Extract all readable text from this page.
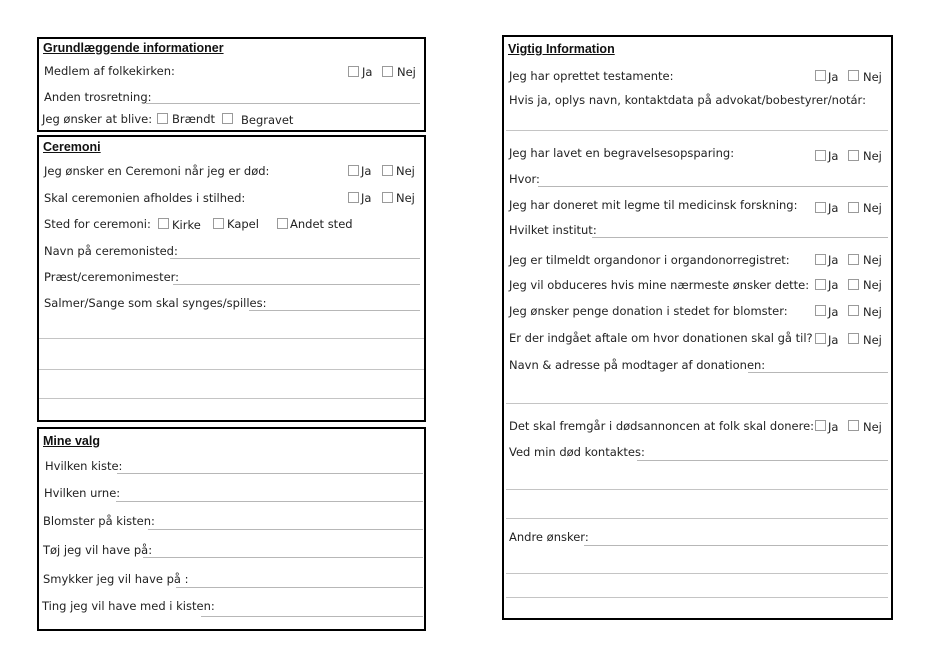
Grundlæggende informationer
Medlem af folkekirken:	Ja Nej
Anden trosretning:
Jeg ønsker at blive: Brændt Begravet
Ceremoni
Jeg ønsker en Ceremoni når jeg er død:	Ja Nej
Skal ceremonien afholdes i stilhed:	Ja Nej
Sted for ceremoni: Kirke Kapel	Andet sted
Navn på ceremonisted:
Præst/ceremonimester:
Salmer/Sange som skal synges/spilles:
Mine valg
Hvilken kiste:
Hvilken urne:
Blomster på kisten:
Tøj jeg vil have på:
Smykker jeg vil have på :
Ting jeg vil have med i kisten:
Vigtig Information
Jeg har oprettet testamente:	Ja Nej
Hvis ja, oplys navn, kontaktdata på advokat/bobestyrer/notár:
Jeg har lavet en begravelsesopsparing:	Ja Nej
Hvor:
Jeg har doneret mit legme til medicinsk forskning:	Ja Nej
Hvilket institut:
Jeg er tilmeldt organdonor i organdonorregistret:	Ja Nej
Jeg vil obduceres hvis mine nærmeste ønsker dette: Ja Nej
Jeg ønsker penge donation i stedet for blomster:	Ja Nej
Er der indgået aftale om hvor donationen skal gå til? Ja Nej
Navn & adresse på modtager af donationen:
Det skal fremgår i dødsannoncen at folk skal donere: Ja Nej
Ved min død kontaktes:
Andre ønsker:
